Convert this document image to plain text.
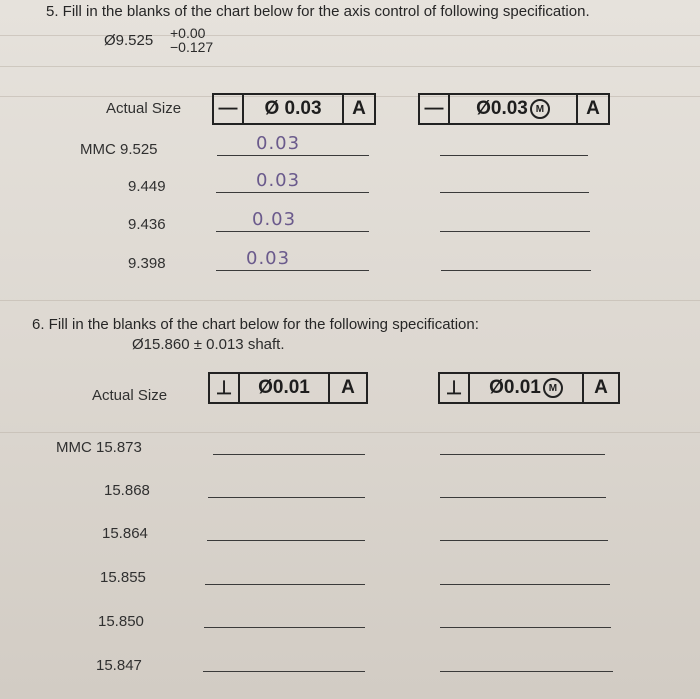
5. Fill in the blanks of the chart below for the axis control of following specification.
Ø9.525 +0.00
−0.127
Actual Size —	Ø 0.03	A	—	Ø0.03 M	A
MMC 9.525	0.03
9.449	0.03
9.436	0.03
9.398	0.03
6. Fill in the blanks of the chart below for the following specification:
Ø15.860 ± 0.013 shaft.
Actual Size	⊥	Ø0.01	A	⊥	Ø0.01 M	A
MMC 15.873
15.868
15.864
15.855
15.850
15.847
